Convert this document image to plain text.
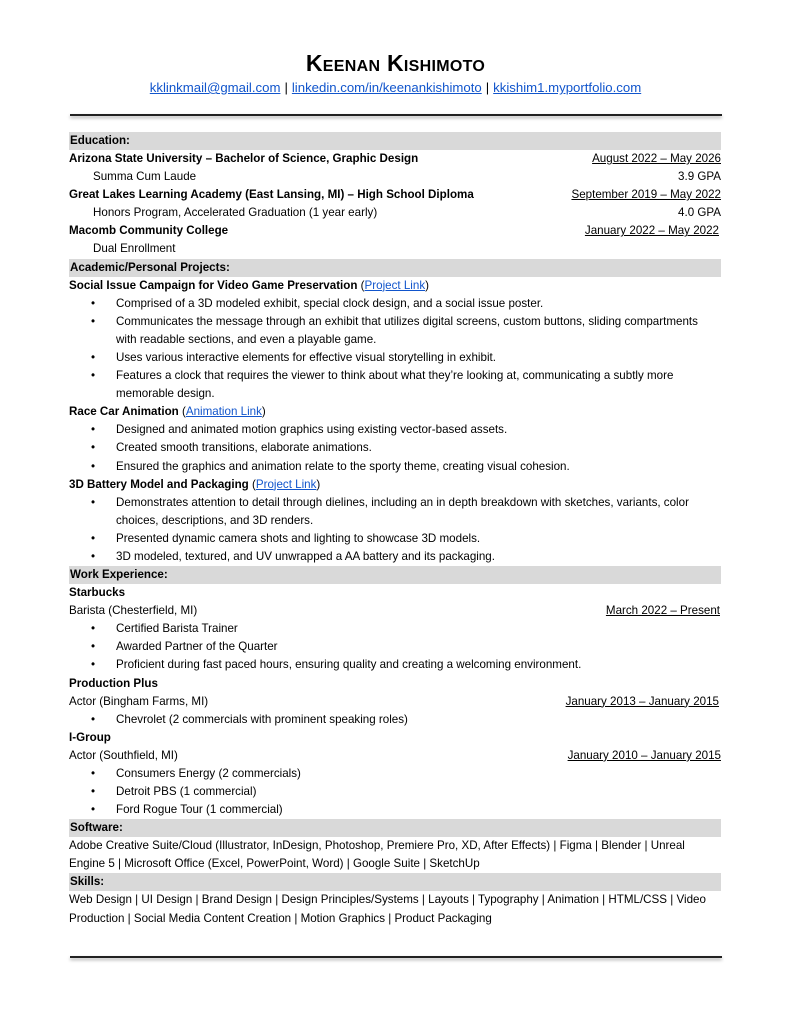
Keenan Kishimoto
kklinkmail@gmail.com | linkedin.com/in/keenankishimoto | kkishim1.myportfolio.com
Education:
Arizona State University – Bachelor of Science, Graphic Design	August 2022 – May 2026
Summa Cum Laude	3.9 GPA
Great Lakes Learning Academy (East Lansing, MI) – High School Diploma	September 2019 – May 2022
Honors Program, Accelerated Graduation (1 year early)	4.0 GPA
Macomb Community College	January 2022 – May 2022
Dual Enrollment
Academic/Personal Projects:
Social Issue Campaign for Video Game Preservation (Project Link)
• Comprised of a 3D modeled exhibit, special clock design, and a social issue poster.
• Communicates the message through an exhibit that utilizes digital screens, custom buttons, sliding compartments with readable sections, and even a playable game.
• Uses various interactive elements for effective visual storytelling in exhibit.
• Features a clock that requires the viewer to think about what they’re looking at, communicating a subtly more memorable design.
Race Car Animation (Animation Link)
• Designed and animated motion graphics using existing vector-based assets.
• Created smooth transitions, elaborate animations.
• Ensured the graphics and animation relate to the sporty theme, creating visual cohesion.
3D Battery Model and Packaging (Project Link)
• Demonstrates attention to detail through dielines, including an in depth breakdown with sketches, variants, color choices, descriptions, and 3D renders.
• Presented dynamic camera shots and lighting to showcase 3D models.
• 3D modeled, textured, and UV unwrapped a AA battery and its packaging.
Work Experience:
Starbucks
Barista (Chesterfield, MI)	March 2022 – Present
• Certified Barista Trainer
• Awarded Partner of the Quarter
• Proficient during fast paced hours, ensuring quality and creating a welcoming environment.
Production Plus
Actor (Bingham Farms, MI)	January 2013 – January 2015
• Chevrolet (2 commercials with prominent speaking roles)
I-Group
Actor (Southfield, MI)	January 2010 – January 2015
• Consumers Energy (2 commercials)
• Detroit PBS (1 commercial)
• Ford Rogue Tour (1 commercial)
Software:
Adobe Creative Suite/Cloud (Illustrator, InDesign, Photoshop, Premiere Pro, XD, After Effects) | Figma | Blender | Unreal Engine 5 | Microsoft Office (Excel, PowerPoint, Word) | Google Suite | SketchUp
Skills:
Web Design | UI Design | Brand Design | Design Principles/Systems | Layouts | Typography | Animation | HTML/CSS | Video Production | Social Media Content Creation | Motion Graphics | Product Packaging
